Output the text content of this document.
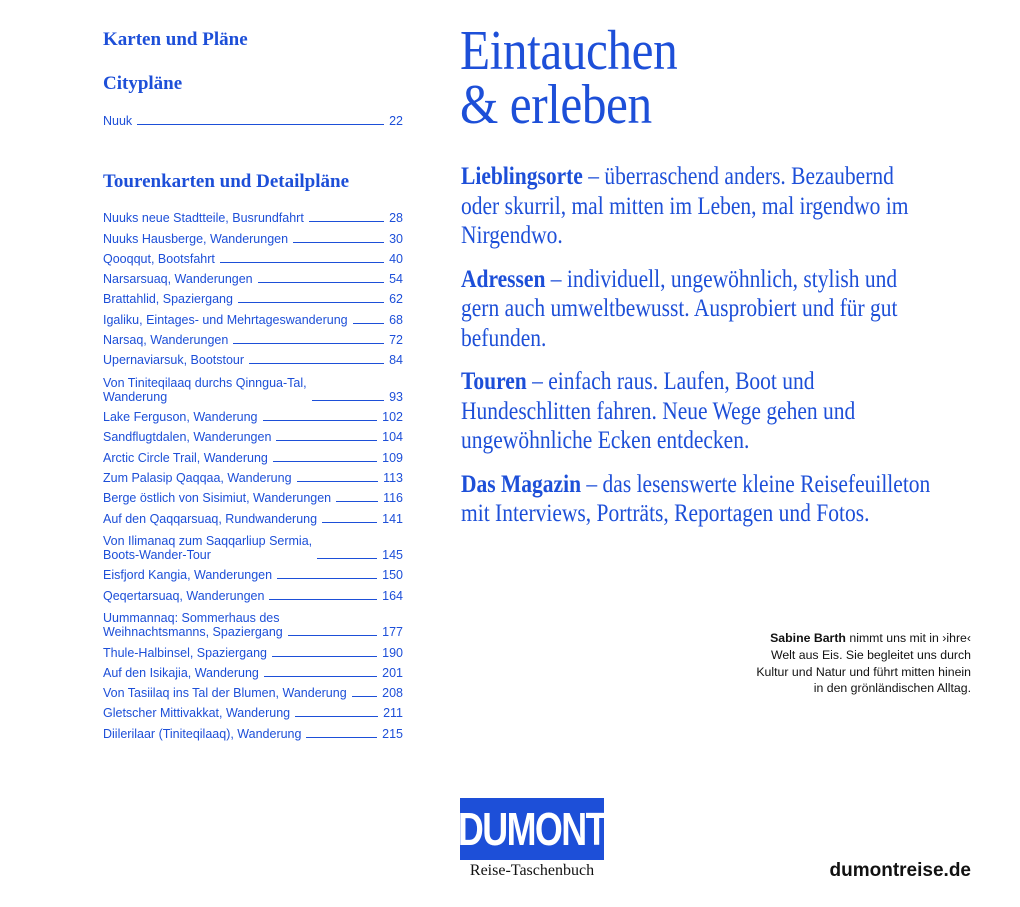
Karten und Pläne
Citypläne
Nuuk	22
Tourenkarten und Detailpläne
Nuuks neue Stadtteile, Busrundfahrt	28
Nuuks Hausberge, Wanderungen	30
Qooqqut, Bootsfahrt	40
Narsarsuaq, Wanderungen	54
Brattahlid, Spaziergang	62
Igaliku, Eintages- und Mehrtageswanderung	68
Narsaq, Wanderungen	72
Upernaviarsuk, Bootstour	84
Von Tiniteqilaaq durchs Qinngua-Tal,
Wanderung	93
Lake Ferguson, Wanderung	102
Sandflugtdalen, Wanderungen	104
Arctic Circle Trail, Wanderung	109
Zum Palasip Qaqqaa, Wanderung	113
Berge östlich von Sisimiut, Wanderungen	116
Auf den Qaqqarsuaq, Rundwanderung	141
Von Ilimanaq zum Saqqarliup Sermia,
Boots-Wander-Tour	145
Eisfjord Kangia, Wanderungen	150
Qeqertarsuaq, Wanderungen	164
Uummannaq: Sommerhaus des
Weihnachtsmanns, Spaziergang	177
Thule-Halbinsel, Spaziergang	190
Auf den Isikajia, Wanderung	201
Von Tasiilaq ins Tal der Blumen, Wanderung	208
Gletscher Mittivakkat, Wanderung	211
Diilerilaar (Tiniteqilaaq), Wanderung	215
Eintauchen
& erleben

Lieblingsorte – überraschend anders. Bezaubernd oder skurril, mal mitten im Leben, mal irgendwo im Nirgendwo.

Adressen – individuell, ungewöhnlich, stylish und gern auch umweltbewusst. Ausprobiert und für gut befunden.

Touren – einfach raus. Laufen, Boot und Hundeschlitten fahren. Neue Wege gehen und ungewöhnliche Ecken entdecken.

Das Magazin – das lesenswerte kleine Reisefeuilleton mit Interviews, Porträts, Reportagen und Fotos.

Sabine Barth nimmt uns mit in ›ihre‹ Welt aus Eis. Sie begleitet uns durch Kultur und Natur und führt mitten hinein in den grönländischen Alltag.
DUMONT
Reise-Taschenbuch	dumontreise.de
